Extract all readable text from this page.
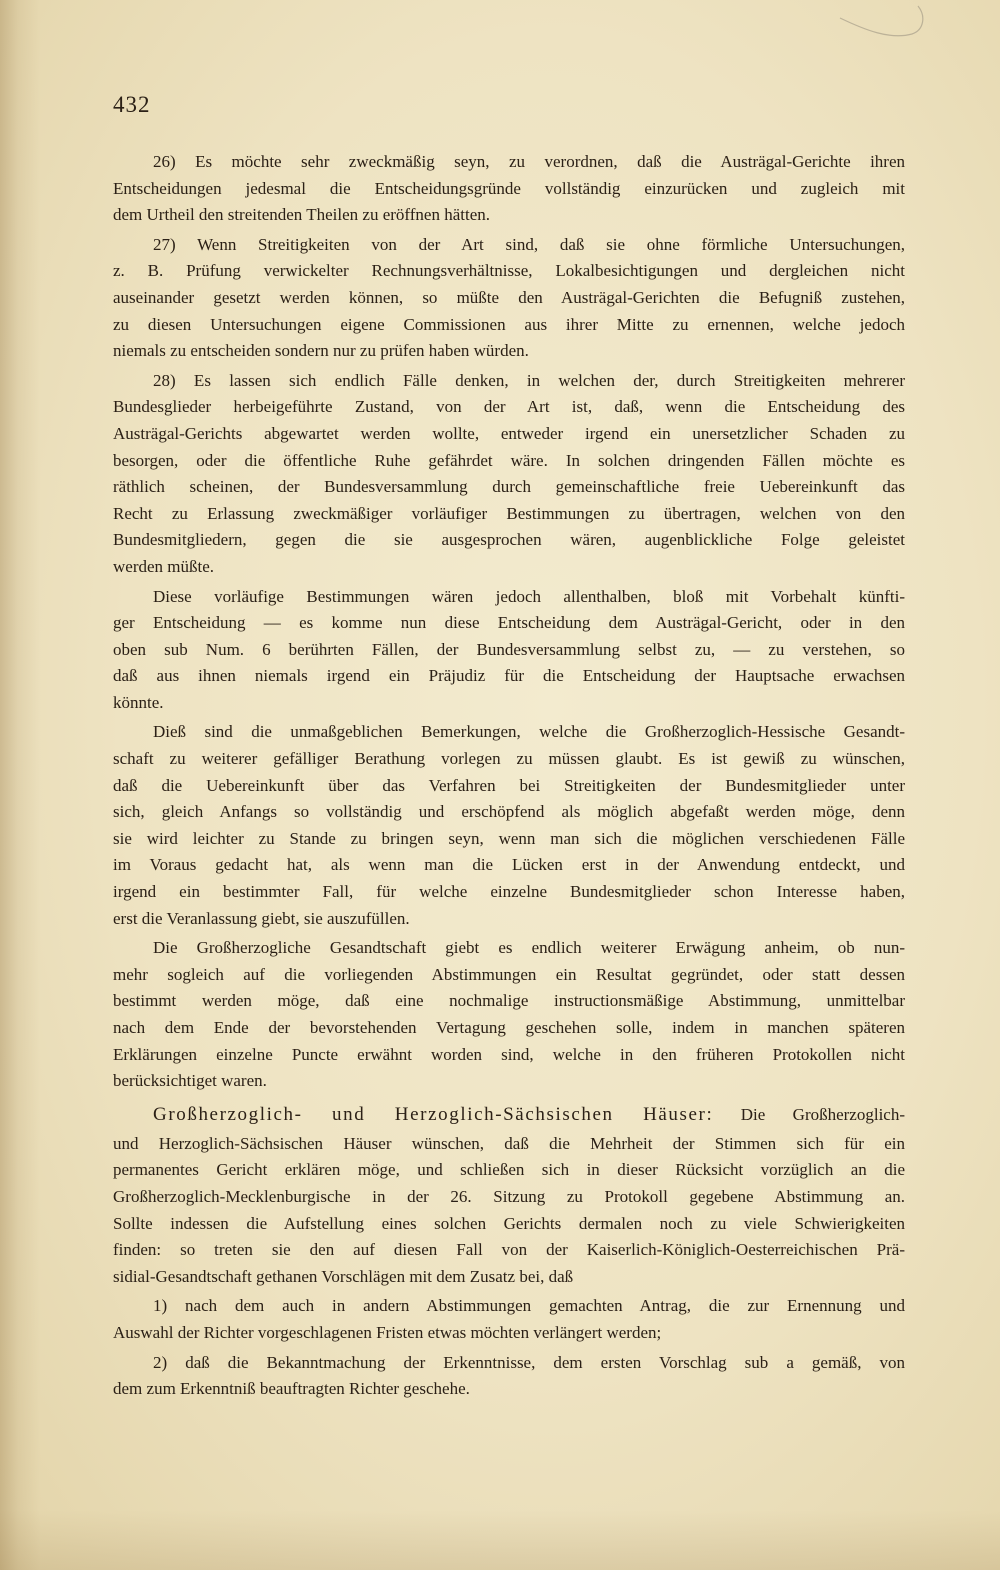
432
26) Es möchte sehr zweckmäßig seyn, zu verordnen, daß die Austrägal-Gerichte ihren
Entscheidungen jedesmal die Entscheidungsgründe vollständig einzurücken und zugleich mit
dem Urtheil den streitenden Theilen zu eröffnen hätten.
27) Wenn Streitigkeiten von der Art sind, daß sie ohne förmliche Untersuchungen,
z. B. Prüfung verwickelter Rechnungsverhältnisse, Lokalbesichtigungen und dergleichen nicht
auseinander gesetzt werden können, so müßte den Austrägal-Gerichten die Befugniß zustehen,
zu diesen Untersuchungen eigene Commissionen aus ihrer Mitte zu ernennen, welche jedoch
niemals zu entscheiden sondern nur zu prüfen haben würden.
28) Es lassen sich endlich Fälle denken, in welchen der, durch Streitigkeiten mehrerer
Bundesglieder herbeigeführte Zustand, von der Art ist, daß, wenn die Entscheidung des
Austrägal-Gerichts abgewartet werden wollte, entweder irgend ein unersetzlicher Schaden zu
besorgen, oder die öffentliche Ruhe gefährdet wäre. In solchen dringenden Fällen möchte es
räthlich scheinen, der Bundesversammlung durch gemeinschaftliche freie Uebereinkunft das
Recht zu Erlassung zweckmäßiger vorläufiger Bestimmungen zu übertragen, welchen von den
Bundesmitgliedern, gegen die sie ausgesprochen wären, augenblickliche Folge geleistet
werden müßte.
Diese vorläufige Bestimmungen wären jedoch allenthalben, bloß mit Vorbehalt künfti-
ger Entscheidung — es komme nun diese Entscheidung dem Austrägal-Gericht, oder in den
oben sub Num. 6 berührten Fällen, der Bundesversammlung selbst zu, — zu verstehen, so
daß aus ihnen niemals irgend ein Präjudiz für die Entscheidung der Hauptsache erwachsen
könnte.
Dieß sind die unmaßgeblichen Bemerkungen, welche die Großherzoglich-Hessische Gesandt-
schaft zu weiterer gefälliger Berathung vorlegen zu müssen glaubt. Es ist gewiß zu wünschen,
daß die Uebereinkunft über das Verfahren bei Streitigkeiten der Bundesmitglieder unter
sich, gleich Anfangs so vollständig und erschöpfend als möglich abgefaßt werden möge, denn
sie wird leichter zu Stande zu bringen seyn, wenn man sich die möglichen verschiedenen Fälle
im Voraus gedacht hat, als wenn man die Lücken erst in der Anwendung entdeckt, und
irgend ein bestimmter Fall, für welche einzelne Bundesmitglieder schon Interesse haben,
erst die Veranlassung giebt, sie auszufüllen.
Die Großherzogliche Gesandtschaft giebt es endlich weiterer Erwägung anheim, ob nun-
mehr sogleich auf die vorliegenden Abstimmungen ein Resultat gegründet, oder statt dessen
bestimmt werden möge, daß eine nochmalige instructionsmäßige Abstimmung, unmittelbar
nach dem Ende der bevorstehenden Vertagung geschehen solle, indem in manchen späteren
Erklärungen einzelne Puncte erwähnt worden sind, welche in den früheren Protokollen nicht
berücksichtiget waren.
Großherzoglich- und Herzoglich-Sächsischen Häuser: Die Großherzoglich-
und Herzoglich-Sächsischen Häuser wünschen, daß die Mehrheit der Stimmen sich für ein
permanentes Gericht erklären möge, und schließen sich in dieser Rücksicht vorzüglich an die
Großherzoglich-Mecklenburgische in der 26. Sitzung zu Protokoll gegebene Abstimmung an.
Sollte indessen die Aufstellung eines solchen Gerichts dermalen noch zu viele Schwierigkeiten
finden: so treten sie den auf diesen Fall von der Kaiserlich-Königlich-Oesterreichischen Prä-
sidial-Gesandtschaft gethanen Vorschlägen mit dem Zusatz bei, daß
1) nach dem auch in andern Abstimmungen gemachten Antrag, die zur Ernennung und
Auswahl der Richter vorgeschlagenen Fristen etwas möchten verlängert werden;
2) daß die Bekanntmachung der Erkenntnisse, dem ersten Vorschlag sub a gemäß, von
dem zum Erkenntniß beauftragten Richter geschehe.
